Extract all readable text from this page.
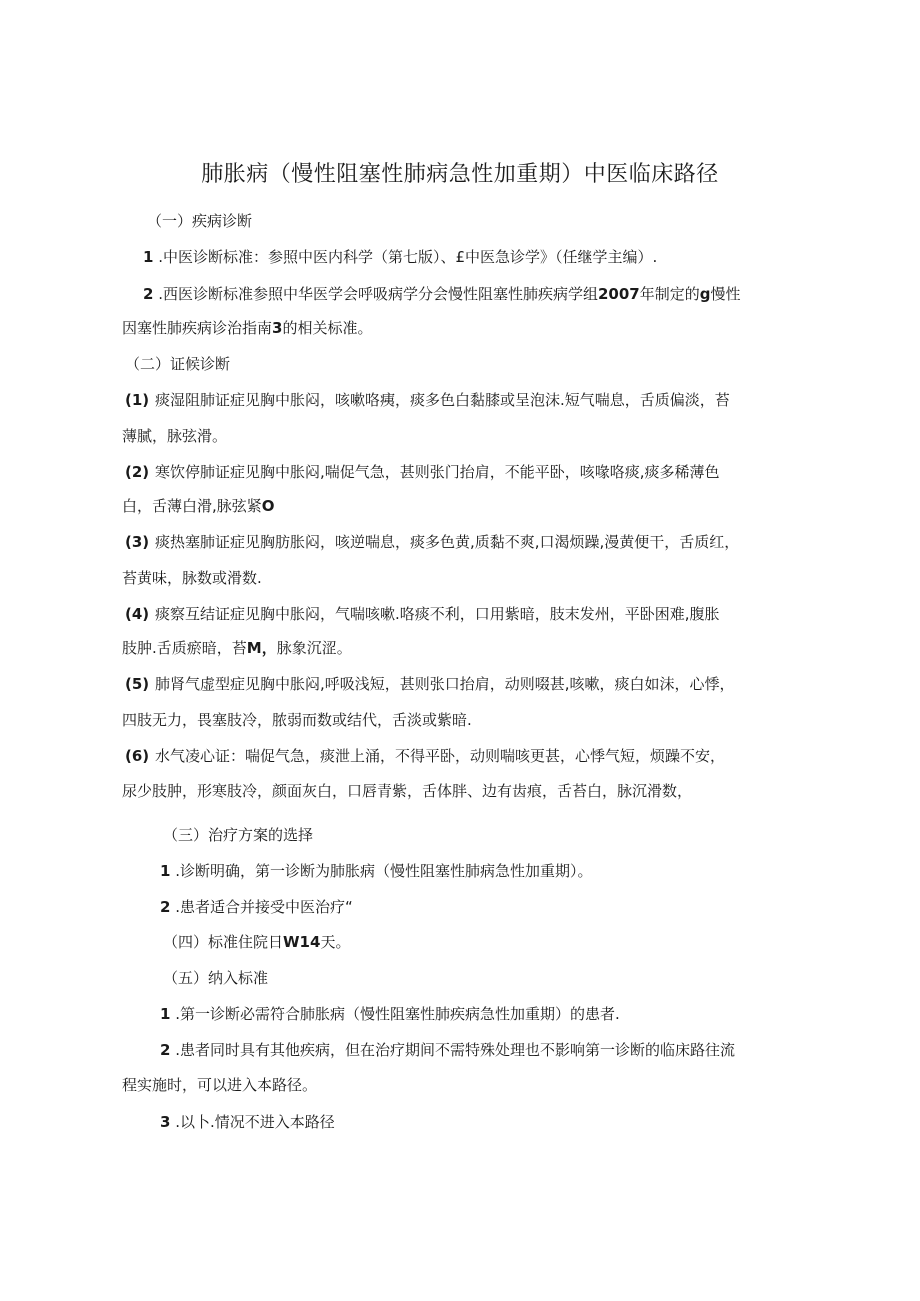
肺胀病（慢性阻塞性肺病急性加重期）中医临床路径
（一）疾病诊断
1 .中医诊断标准：参照中医内科学（第七版）、£中医急诊学》（任继学主编）.
2 .西医诊断标准参照中华医学会呼吸病学分会慢性阻塞性肺疾病学组2007年制定的g慢性
因塞性肺疾病诊治指南3的相关标准。
（二）证候诊断
(1) 痰湿阻肺证症见胸中胀闷，咳嗽咯痍，痰多色白黏膝或呈泡沫.短气喘息，舌质偏淡，苔
薄腻，脉弦滑。
(2) 寒饮停肺证症见胸中胀闷,喘促气急，甚则张门抬肩，不能平卧，咳喙咯痰,痰多稀薄色
白，舌薄白滑,脉弦紧O
(3) 痰热塞肺证症见胸肪胀闷，咳逆喘息，痰多色黄,质黏不爽,口渴烦躁,漫黄便干，舌质红，
苔黄味，脉数或滑数.
(4) 痰察互结证症见胸中胀闷，气喘咳嗽.咯痰不利，口用紫暗，肢末发州，平卧困难,腹胀
肢肿.舌质瘀暗，苔M，脉象沉涩。
(5) 肺肾气虚型症见胸中胀闷,呼吸浅短，甚则张口抬肩，动则啜甚,咳嗽，痰白如沫，心悸，
四肢无力，畏塞肢冷，脓弱而数或结代，舌淡或紫暗.
(6) 水气凌心证：喘促气急，痰泄上涌，不得平卧，动则喘咳更甚，心悸气短，烦躁不安，
尿少肢肿，形寒肢冷，颜面灰白，口唇青紫，舌体胖、边有齿痕，舌苔白，脉沉滑数，
（三）治疗方案的选择
1 .诊断明确，第一诊断为肺胀病（慢性阻塞性肺病急性加重期）。
2 .患者适合并接受中医治疗“
（四）标准住院日W14天。
（五）纳入标准
1 .第一诊断必需符合肺胀病（慢性阻塞性肺疾病急性加重期）的患者.
2 .患者同时具有其他疾病，但在治疗期间不需特殊处理也不影响第一诊断的临床路往流
程实施时，可以进入本路径。
3 .以卜.情况不进入本路径
